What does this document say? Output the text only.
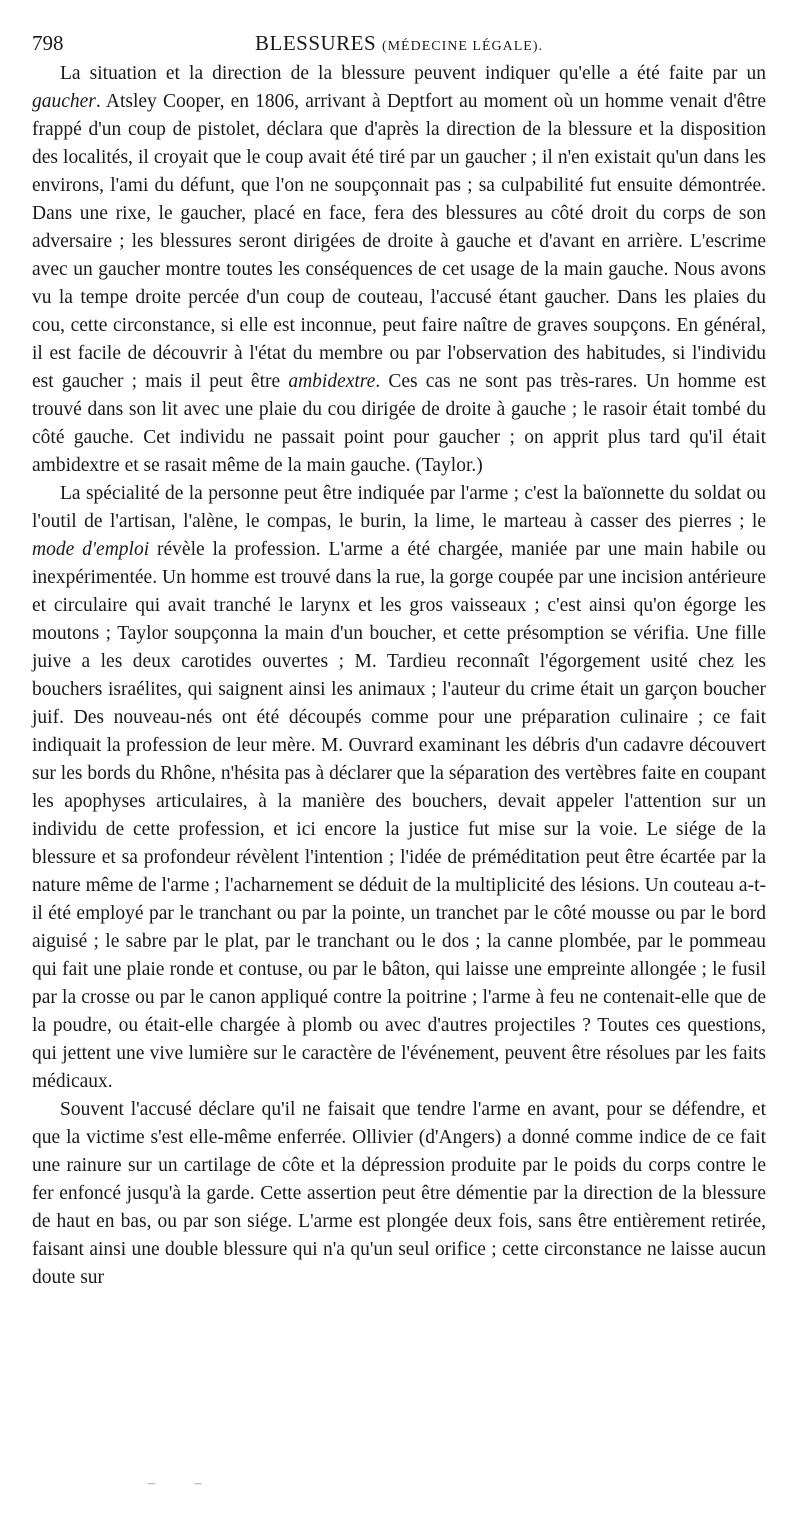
798	BLESSURES (MÉDECINE LÉGALE).

La situation et la direction de la blessure peuvent indiquer qu'elle a été faite par un gaucher. Atsley Cooper, en 1806, arrivant à Deptfort au moment où un homme venait d'être frappé d'un coup de pistolet, déclara que d'après la direction de la blessure et la disposition des localités, il croyait que le coup avait été tiré par un gaucher ; il n'en existait qu'un dans les environs, l'ami du défunt, que l'on ne soupçonnait pas ; sa culpabilité fut ensuite démontrée. Dans une rixe, le gaucher, placé en face, fera des blessures au côté droit du corps de son adversaire ; les blessures seront dirigées de droite à gauche et d'avant en arrière. L'escrime avec un gaucher montre toutes les conséquences de cet usage de la main gauche. Nous avons vu la tempe droite percée d'un coup de couteau, l'accusé étant gaucher. Dans les plaies du cou, cette circonstance, si elle est inconnue, peut faire naître de graves soupçons. En général, il est facile de découvrir à l'état du membre ou par l'observation des habitudes, si l'individu est gaucher ; mais il peut être ambidextre. Ces cas ne sont pas très-rares. Un homme est trouvé dans son lit avec une plaie du cou dirigée de droite à gauche ; le rasoir était tombé du côté gauche. Cet individu ne passait point pour gaucher ; on apprit plus tard qu'il était ambidextre et se rasait même de la main gauche. (Taylor.)

La spécialité de la personne peut être indiquée par l'arme ; c'est la baïonnette du soldat ou l'outil de l'artisan, l'alène, le compas, le burin, la lime, le marteau à casser des pierres ; le mode d'emploi révèle la profession. L'arme a été chargée, maniée par une main habile ou inexpérimentée. Un homme est trouvé dans la rue, la gorge coupée par une incision antérieure et circulaire qui avait tranché le larynx et les gros vaisseaux ; c'est ainsi qu'on égorge les moutons ; Taylor soupçonna la main d'un boucher, et cette présomption se vérifia. Une fille juive a les deux carotides ouvertes ; M. Tardieu reconnaît l'égorgement usité chez les bouchers israélites, qui saignent ainsi les animaux ; l'auteur du crime était un garçon boucher juif. Des nouveau-nés ont été découpés comme pour une préparation culinaire ; ce fait indiquait la profession de leur mère. M. Ouvrard examinant les débris d'un cadavre découvert sur les bords du Rhône, n'hésita pas à déclarer que la séparation des vertèbres faite en coupant les apophyses articulaires, à la manière des bouchers, devait appeler l'attention sur un individu de cette profession, et ici encore la justice fut mise sur la voie. Le siége de la blessure et sa profondeur révèlent l'intention ; l'idée de préméditation peut être écartée par la nature même de l'arme ; l'acharnement se déduit de la multiplicité des lésions. Un couteau a-t-il été employé par le tranchant ou par la pointe, un tranchet par le côté mousse ou par le bord aiguisé ; le sabre par le plat, par le tranchant ou le dos ; la canne plombée, par le pommeau qui fait une plaie ronde et contuse, ou par le bâton, qui laisse une empreinte allongée ; le fusil par la crosse ou par le canon appliqué contre la poitrine ; l'arme à feu ne contenait-elle que de la poudre, ou était-elle chargée à plomb ou avec d'autres projectiles ? Toutes ces questions, qui jettent une vive lumière sur le caractère de l'événement, peuvent être résolues par les faits médicaux.

Souvent l'accusé déclare qu'il ne faisait que tendre l'arme en avant, pour se défendre, et que la victime s'est elle-même enferrée. Ollivier (d'Angers) a donné comme indice de ce fait une rainure sur un cartilage de côte et la dépression produite par le poids du corps contre le fer enfoncé jusqu'à la garde. Cette assertion peut être démentie par la direction de la blessure de haut en bas, ou par son siége. L'arme est plongée deux fois, sans être entièrement retirée, faisant ainsi une double blessure qui n'a qu'un seul orifice ; cette circonstance ne laisse aucun doute sur

– –
